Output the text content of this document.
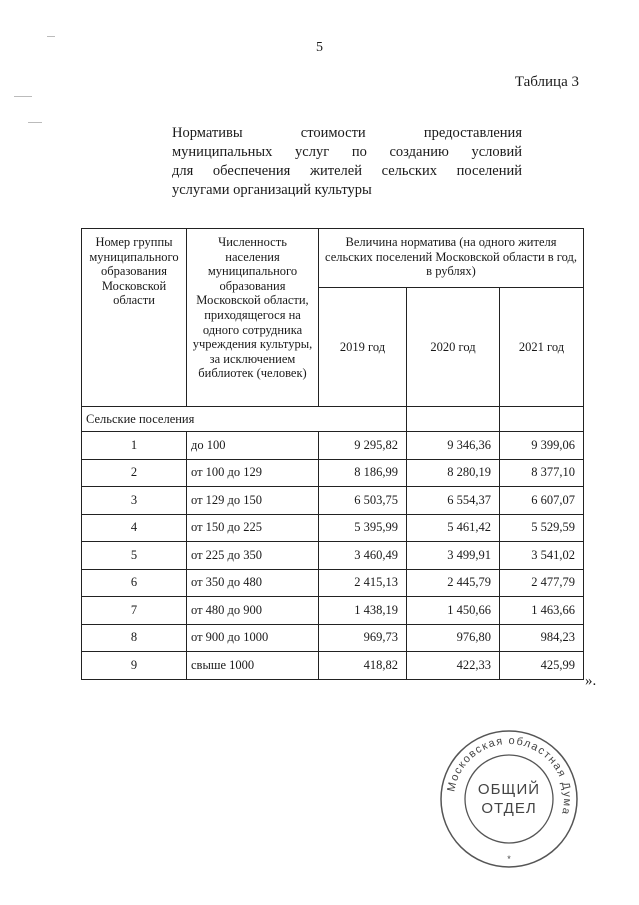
5
Таблица 3
Нормативы стоимости предоставления
муниципальных услуг по созданию условий
для обеспечения жителей сельских поселений
услугами организаций культуры
Номер группы муниципального образования Московской области	Численность населения муниципального образования Московской области, приходящегося на одного сотрудника учреждения культуры, за исключением библиотек (человек)	Величина норматива (на одного жителя сельских поселений Московской области в год, в рублях)		
		2019 год	2020 год	2021 год
Сельские поселения				
1	до 100	9 295,82	9 346,36	9 399,06
2	от 100 до 129	8 186,99	8 280,19	8 377,10
3	от 129 до 150	6 503,75	6 554,37	6 607,07
4	от 150 до 225	5 395,99	5 461,42	5 529,59
5	от 225 до 350	3 460,49	3 499,91	3 541,02
6	от 350 до 480	2 415,13	2 445,79	2 477,79
7	от 480 до 900	1 438,19	1 450,66	1 463,66
8	от 900 до 1000	969,73	976,80	984,23
9	свыше 1000	418,82	422,33	425,99
».
Московская областная Дума
ОБЩИЙ
ОТДЕЛ
*
